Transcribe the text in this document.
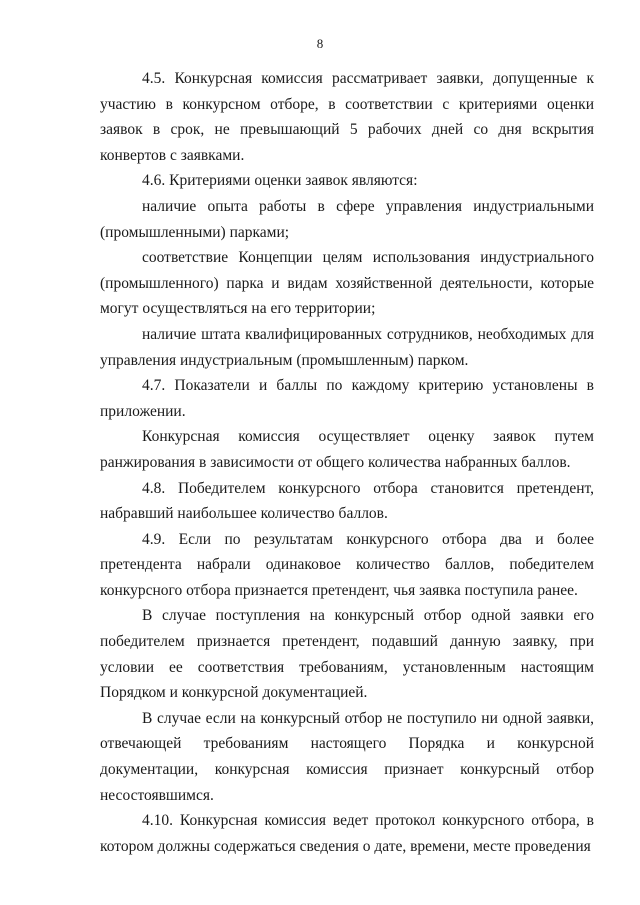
8

4.5. Конкурсная комиссия рассматривает заявки, допущенные к участию в конкурсном отборе, в соответствии с критериями оценки заявок в срок, не превышающий 5 рабочих дней со дня вскрытия конвертов с заявками.

4.6. Критериями оценки заявок являются:

наличие опыта работы в сфере управления индустриальными (промышленными) парками;

соответствие Концепции целям использования индустриального (промышленного) парка и видам хозяйственной деятельности, которые могут осуществляться на его территории;

наличие штата квалифицированных сотрудников, необходимых для управления индустриальным (промышленным) парком.

4.7. Показатели и баллы по каждому критерию установлены в приложении.

Конкурсная комиссия осуществляет оценку заявок путем ранжирования в зависимости от общего количества набранных баллов.

4.8. Победителем конкурсного отбора становится претендент, набравший наибольшее количество баллов.

4.9. Если по результатам конкурсного отбора два и более претендента набрали одинаковое количество баллов, победителем конкурсного отбора признается претендент, чья заявка поступила ранее.

В случае поступления на конкурсный отбор одной заявки его победителем признается претендент, подавший данную заявку, при условии ее соответствия требованиям, установленным настоящим Порядком и конкурсной документацией.

В случае если на конкурсный отбор не поступило ни одной заявки, отвечающей требованиям настоящего Порядка и конкурсной документации, конкурсная комиссия признает конкурсный отбор несостоявшимся.

4.10. Конкурсная комиссия ведет протокол конкурсного отбора, в котором должны содержаться сведения о дате, времени, месте проведения
